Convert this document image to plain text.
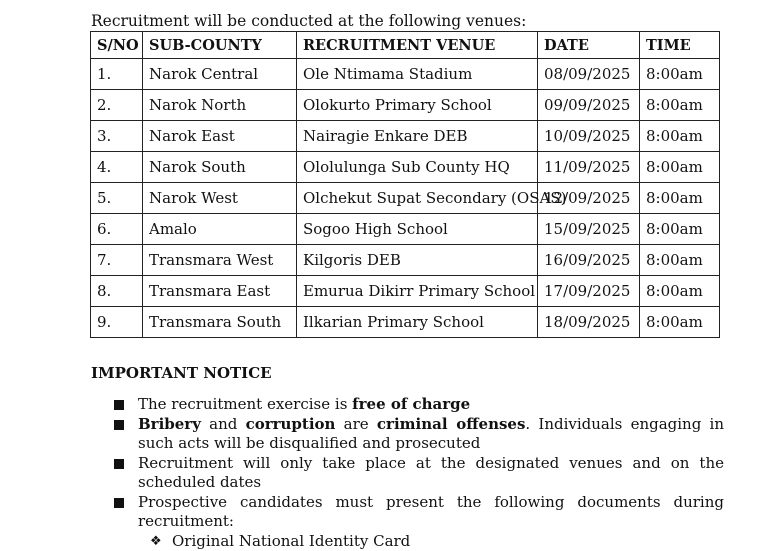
Recruitment will be conducted at the following venues:
S/NO	SUB-COUNTY	RECRUITMENT VENUE	DATE	TIME
1.	Narok Central	Ole Ntimama Stadium	08/09/2025	8:00am
2.	Narok North	Olokurto Primary School	09/09/2025	8:00am
3.	Narok East	Nairagie Enkare DEB	10/09/2025	8:00am
4.	Narok South	Ololulunga Sub County HQ	11/09/2025	8:00am
5.	Narok West	Olchekut Supat Secondary (OSAS)	12/09/2025	8:00am
6.	Amalo	Sogoo High School	15/09/2025	8:00am
7.	Transmara West	Kilgoris DEB	16/09/2025	8:00am
8.	Transmara East	Emurua Dikirr Primary School	17/09/2025	8:00am
9.	Transmara South	Ilkarian Primary School	18/09/2025	8:00am
IMPORTANT NOTICE
The recruitment exercise is free of charge
Bribery and corruption are criminal offenses. Individuals engaging in such acts will be disqualified and prosecuted
Recruitment will only take place at the designated venues and on the scheduled dates
Prospective candidates must present the following documents during recruitment:
❖ Original National Identity Card
